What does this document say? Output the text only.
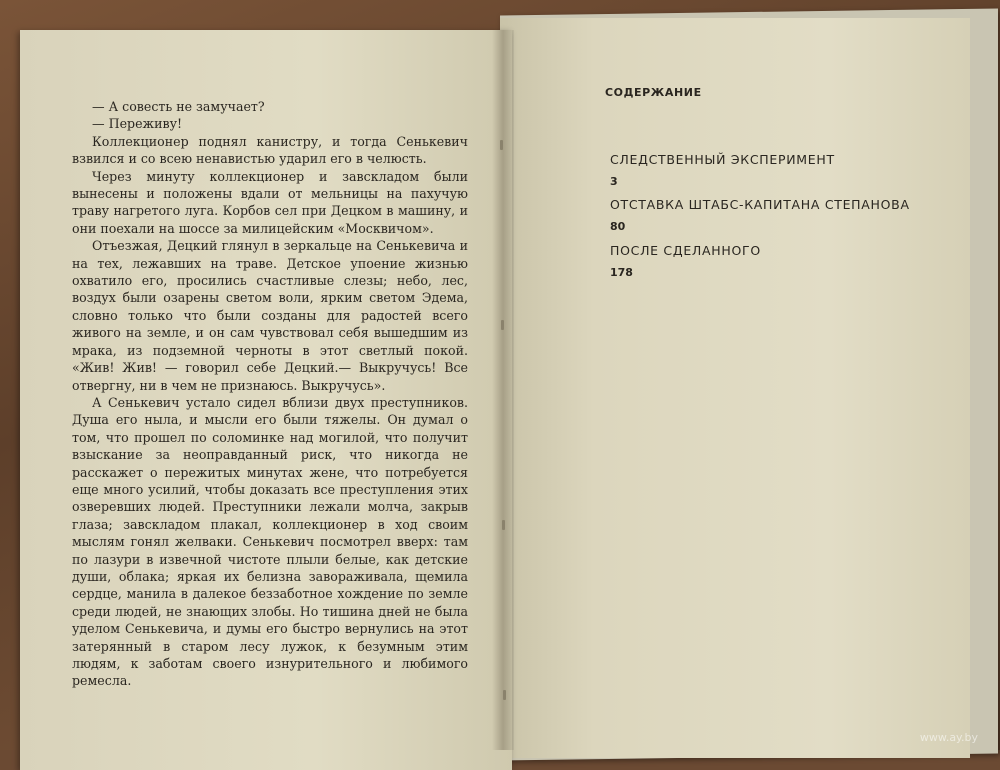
— А совесть не замучает?

— Переживу!

Коллекционер поднял канистру, и тогда Сенькевич взвился и со всею ненавистью ударил его в челюсть.

Через минуту коллекционер и завскладом были вынесены и положены вдали от мельницы на пахучую траву нагретого луга. Корбов сел при Децком в машину, и они поехали на шоссе за милицейским «Москвичом».

Отъезжая, Децкий глянул в зеркальце на Сенькевича и на тех, лежавших на траве. Детское упоение жизнью охватило его, просились счастливые слезы; небо, лес, воздух были озарены светом воли, ярким светом Эдема, словно только что были созданы для радостей всего живого на земле, и он сам чувствовал себя вышедшим из мрака, из подземной черноты в этот светлый покой. «Жив! Жив! — говорил себе Децкий.— Выкручусь! Все отвергну, ни в чем не признаюсь. Выкручусь».

А Сенькевич устало сидел вблизи двух преступников. Душа его ныла, и мысли его были тяжелы. Он думал о том, что прошел по соломинке над могилой, что получит взыскание за неоправданный риск, что никогда не расскажет о пережитых минутах жене, что потребуется еще много усилий, чтобы доказать все преступления этих озверевших людей. Преступники лежали молча, закрыв глаза; завскладом плакал, коллекционер в ход своим мыслям гонял желваки. Сенькевич посмотрел вверх: там по лазури в извечной чистоте плыли белые, как детские души, облака; яркая их белизна завораживала, щемила сердце, манила в далекое беззаботное хождение по земле среди людей, не знающих злобы. Но тишина дней не была уделом Сенькевича, и думы его быстро вернулись на этот затерянный в старом лесу лужок, к безумным этим людям, к заботам своего изнурительного и любимого ремесла.

СОДЕРЖАНИЕ
СЛЕДСТВЕННЫЙ ЭКСПЕРИМЕНТ
3
ОТСТАВКА ШТАБС-КАПИТАНА СТЕПАНОВА
80
ПОСЛЕ СДЕЛАННОГО
178
www.ay.by
